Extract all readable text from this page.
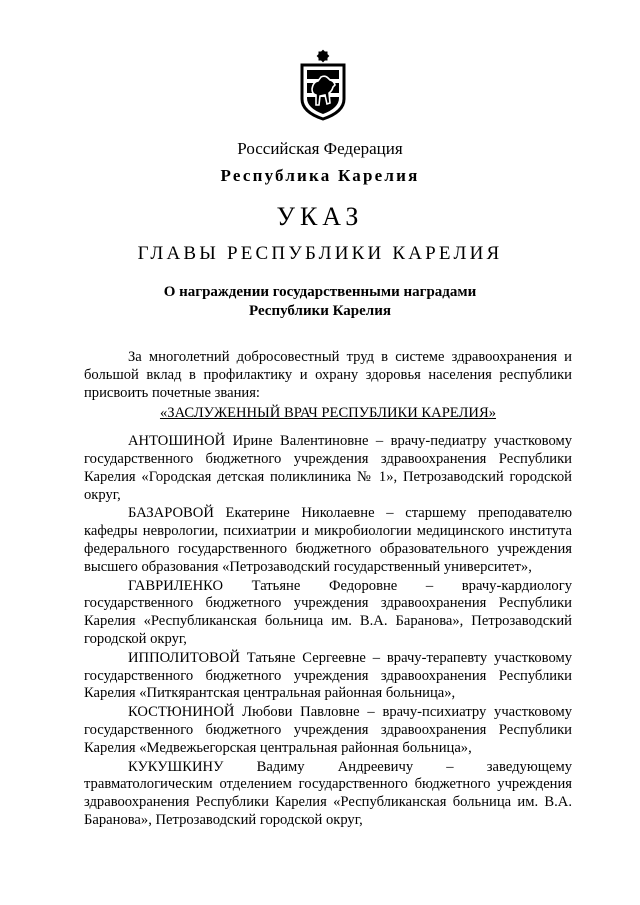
Российская Федерация
Республика Карелия
УКАЗ
ГЛАВЫ РЕСПУБЛИКИ КАРЕЛИЯ
О награждении государственными наградами
Республики Карелия

За многолетний добросовестный труд в системе здравоохранения и большой вклад в профилактику и охрану здоровья населения республики присвоить почетные звания:

«ЗАСЛУЖЕННЫЙ ВРАЧ РЕСПУБЛИКИ КАРЕЛИЯ»

АНТОШИНОЙ Ирине Валентиновне – врачу-педиатру участковому государственного бюджетного учреждения здравоохранения Республики Карелия «Городская детская поликлиника № 1», Петрозаводский городской округ,

БАЗАРОВОЙ Екатерине Николаевне – старшему преподавателю кафедры неврологии, психиатрии и микробиологии медицинского института федерального государственного бюджетного образовательного учреждения высшего образования «Петрозаводский государственный университет»,

ГАВРИЛЕНКО Татьяне Федоровне – врачу-кардиологу государственного бюджетного учреждения здравоохранения Республики Карелия «Республиканская больница им. В.А. Баранова», Петрозаводский городской округ,

ИППОЛИТОВОЙ Татьяне Сергеевне – врачу-терапевту участковому государственного бюджетного учреждения здравоохранения Республики Карелия «Питкярантская центральная районная больница»,

КОСТЮНИНОЙ Любови Павловне – врачу-психиатру участковому государственного бюджетного учреждения здравоохранения Республики Карелия «Медвежьегорская центральная районная больница»,

КУКУШКИНУ Вадиму Андреевичу – заведующему травматологическим отделением государственного бюджетного учреждения здравоохранения Республики Карелия «Республиканская больница им. В.А. Баранова», Петрозаводский городской округ,
